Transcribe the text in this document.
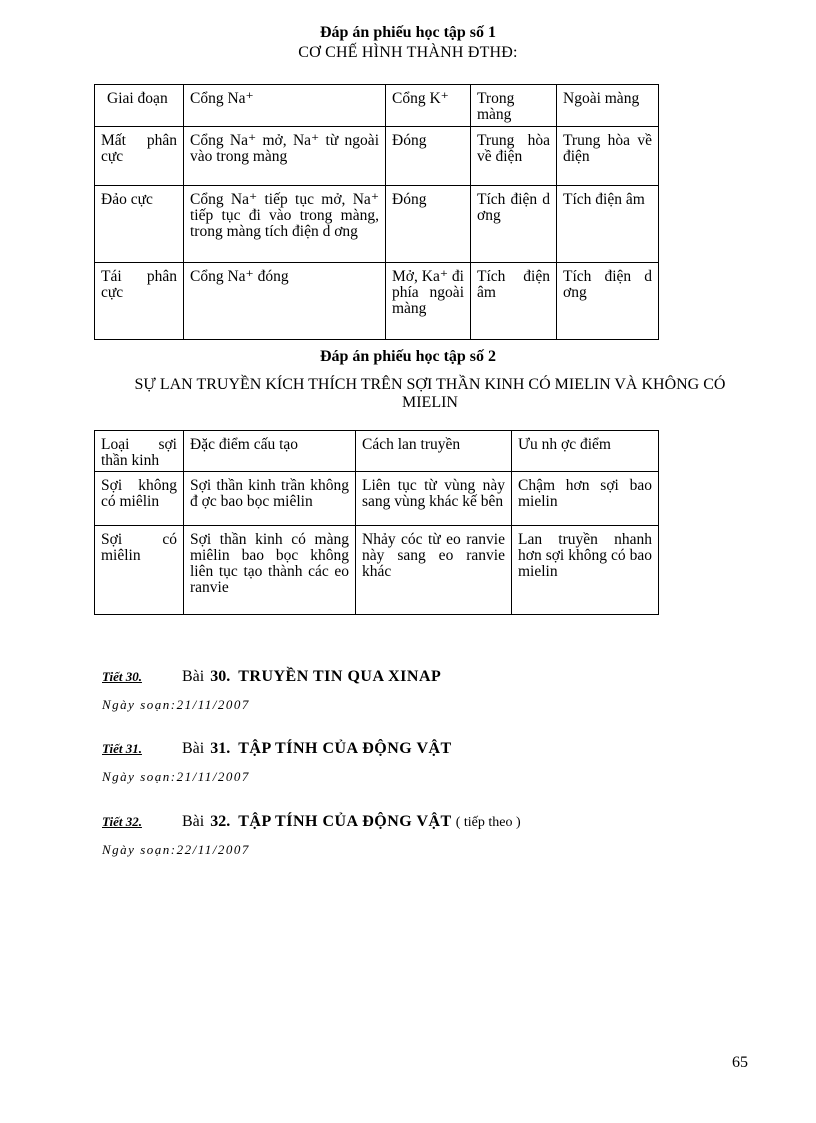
Đáp án phiếu học tập số 1
CƠ CHẾ HÌNH THÀNH ĐTHĐ:
Giai đoạn	Cổng Na⁺	Cổng K⁺	Trong màng	Ngoài màng
Mất phân cực	Cổng Na⁺ mở, Na⁺ từ ngoài vào trong màng	Đóng	Trung hòa về điện	Trung hòa về điện
Đảo cực	Cổng Na⁺ tiếp tục mở, Na⁺ tiếp tục đi vào trong màng, trong màng tích điện d ơng	Đóng	Tích điện d ơng	Tích điện âm
Tái phân cực	Cổng Na⁺ đóng	Mở, Ka⁺ đi phía ngoài màng	Tích điện âm	Tích điện d ơng
Đáp án phiếu học tập số 2
SỰ LAN TRUYỀN KÍCH THÍCH TRÊN SỢI THẦN KINH CÓ MIELIN VÀ KHÔNG CÓ MIELIN
Loại sợi thần kinh	Đặc điểm cấu tạo	Cách lan truyền	Ưu nh ợc điểm
Sợi không có miêlin	Sợi thần kinh trần không đ ợc bao bọc miêlin	Liên tục từ vùng này sang vùng khác kế bên	Chậm hơn sợi bao mielin
Sợi có miêlin	Sợi thần kinh có màng miêlin bao bọc không liên tục tạo thành các eo ranvie	Nhảy cóc từ eo ranvie này sang eo ranvie khác	Lan truyền nhanh hơn sợi không có bao mielin
Tiết 30.	Bài 30. TRUYỀN TIN QUA XINAP
Ngày soạn:21/11/2007
Tiết 31.	Bài 31. TẬP TÍNH CỦA ĐỘNG VẬT
Ngày soạn:21/11/2007
Tiết 32.	Bài 32. TẬP TÍNH CỦA ĐỘNG VẬT ( tiếp theo )
Ngày soạn:22/11/2007
65
